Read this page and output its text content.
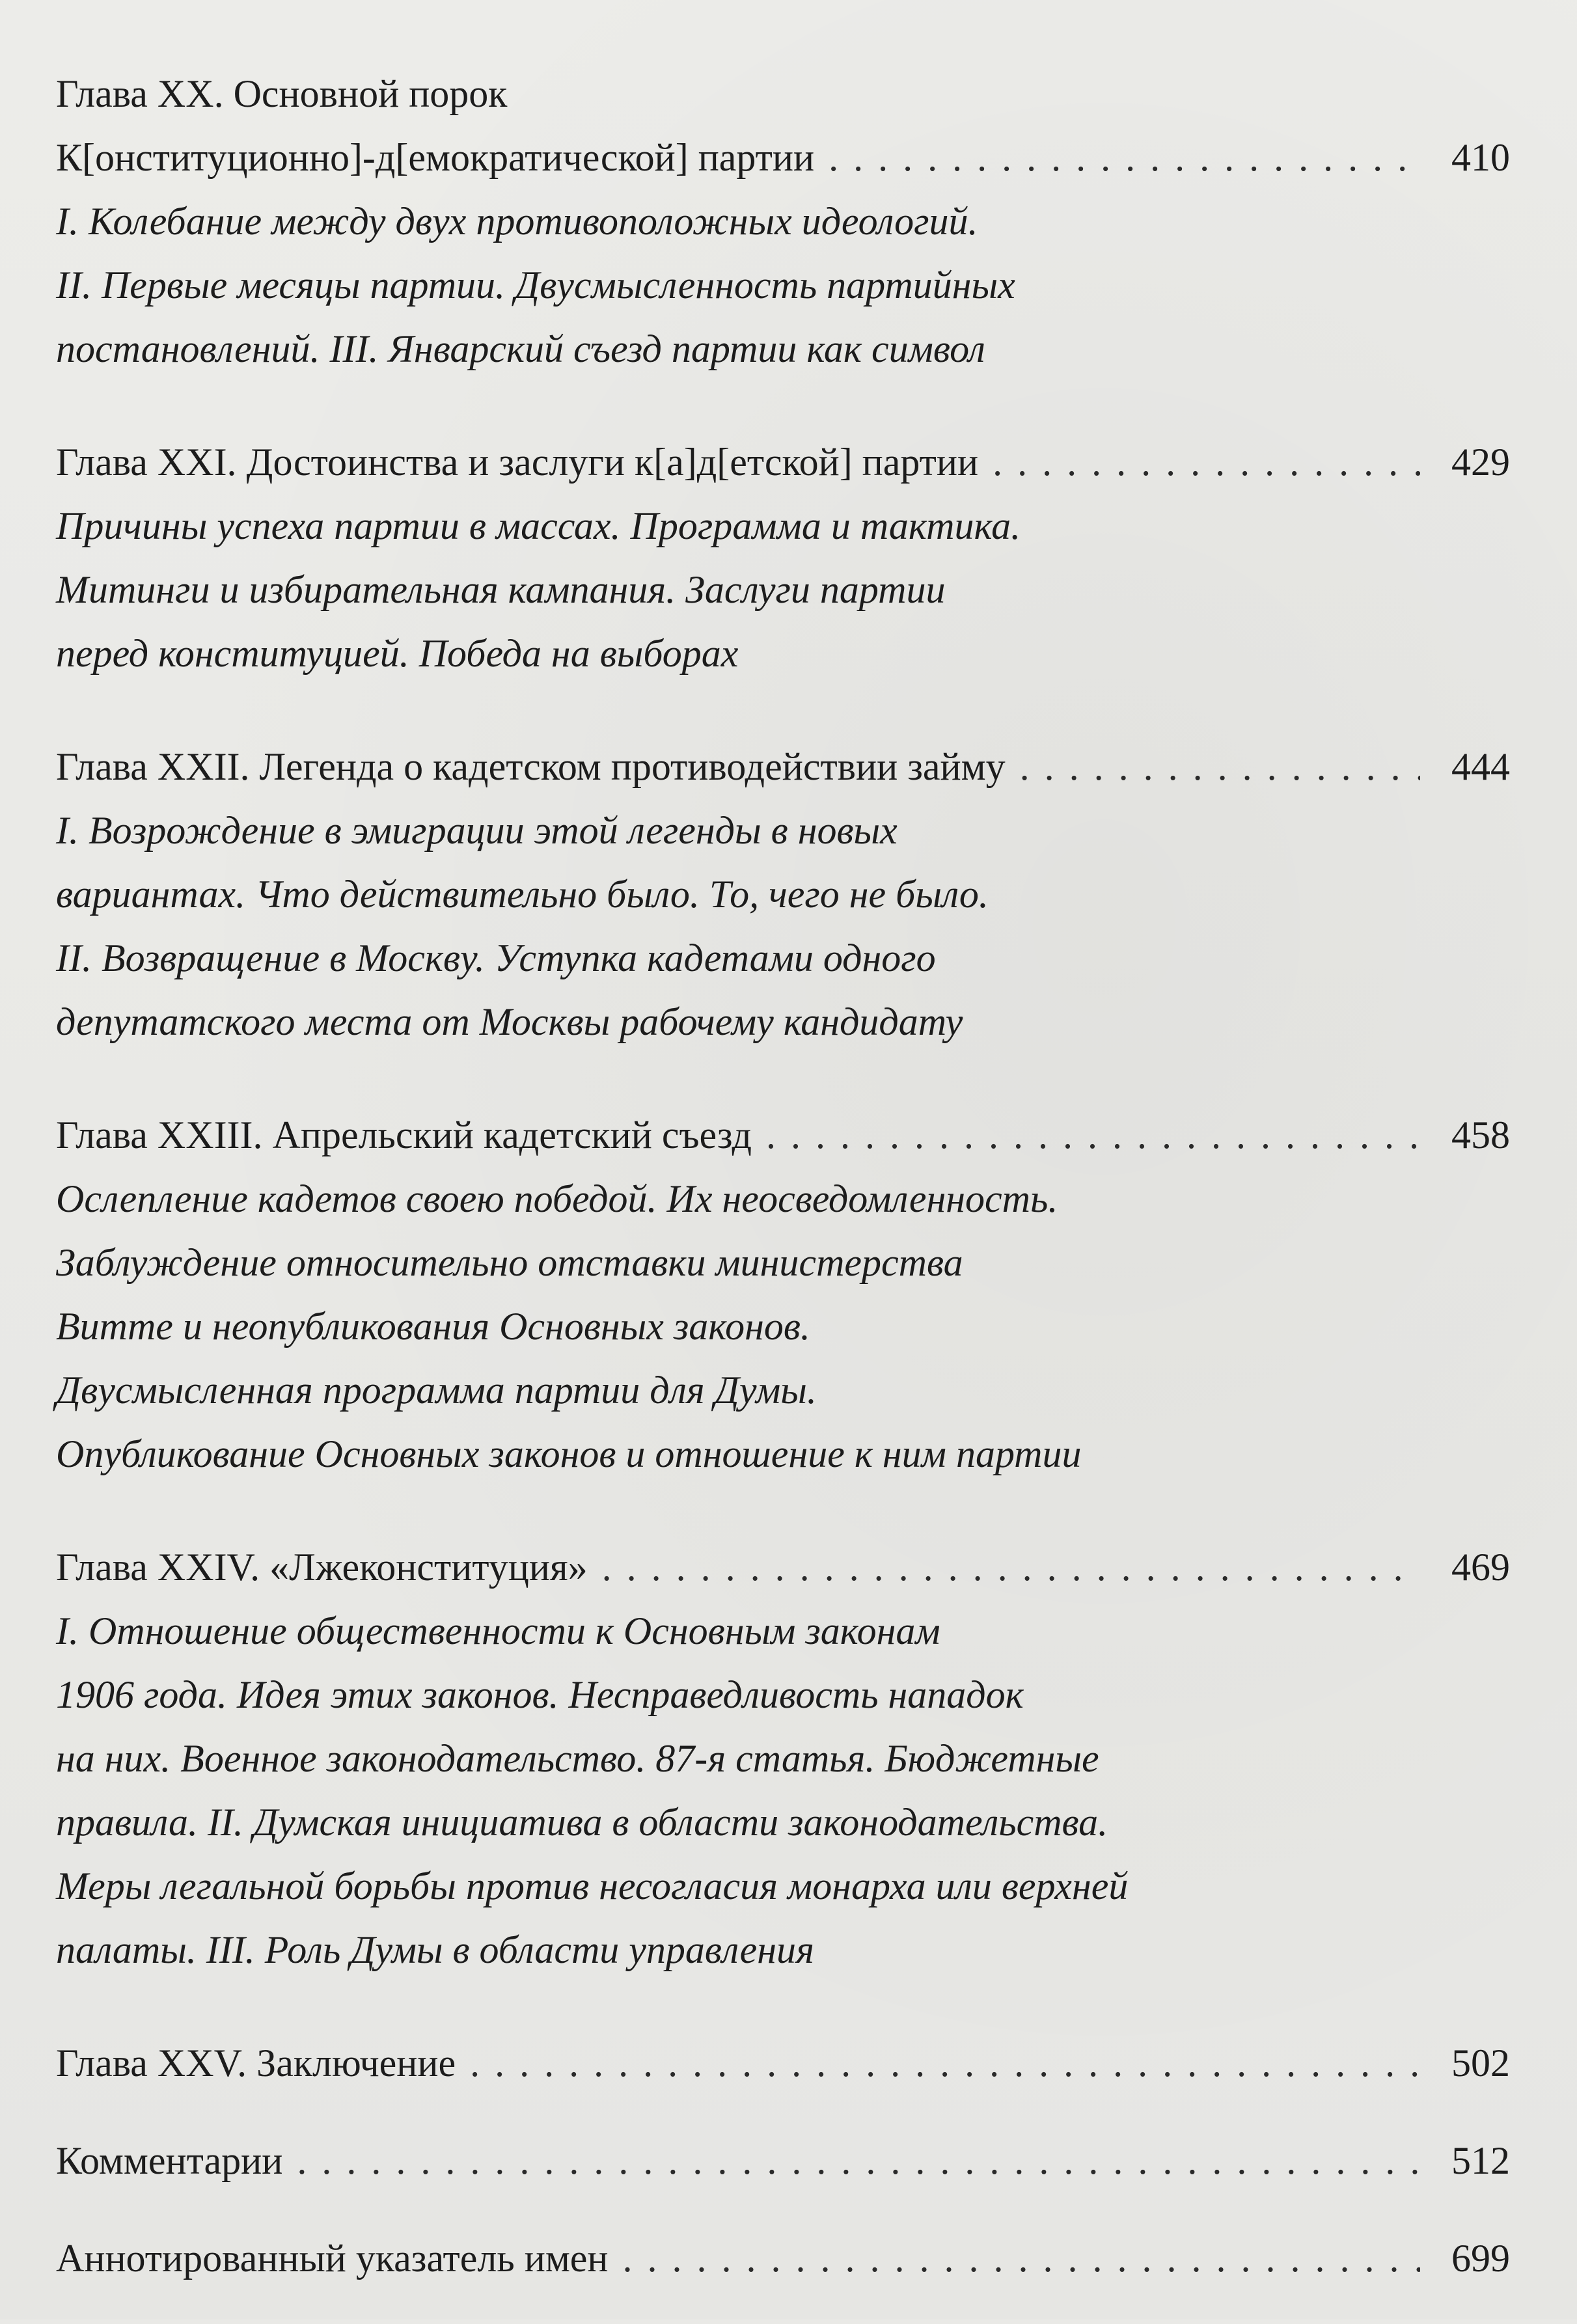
Глава XX. Основной порок
К[онституционно]-д[емократической] партии . . .	410
I. Колебание между двух противоположных идеологий.
II. Первые месяцы партии. Двусмысленность партийных
постановлений. III. Январский съезд партии как символ
Глава XXI. Достоинства и заслуги к[а]д[етской] партии . . .	429
Причины успеха партии в массах. Программа и тактика.
Митинги и избирательная кампания. Заслуги партии
перед конституцией. Победа на выборах
Глава XXII. Легенда о кадетском противодействии займу . . .	444
I. Возрождение в эмиграции этой легенды в новых
вариантах. Что действительно было. То, чего не было.
II. Возвращение в Москву. Уступка кадетами одного
депутатского места от Москвы рабочему кандидату
Глава XXIII. Апрельский кадетский съезд . . .	458
Ослепление кадетов своею победой. Их неосведомленность.
Заблуждение относительно отставки министерства
Витте и неопубликования Основных законов.
Двусмысленная программа партии для Думы.
Опубликование Основных законов и отношение к ним партии
Глава XXIV. «Лжеконституция» . . .	469
I. Отношение общественности к Основным законам
1906 года. Идея этих законов. Несправедливость нападок
на них. Военное законодательство. 87-я статья. Бюджетные
правила. II. Думская инициатива в области законодательства.
Меры легальной борьбы против несогласия монарха или верхней
палаты. III. Роль Думы в области управления
Глава XXV. Заключение . . .	502
Комментарии . . .	512
Аннотированный указатель имен . . .	699
